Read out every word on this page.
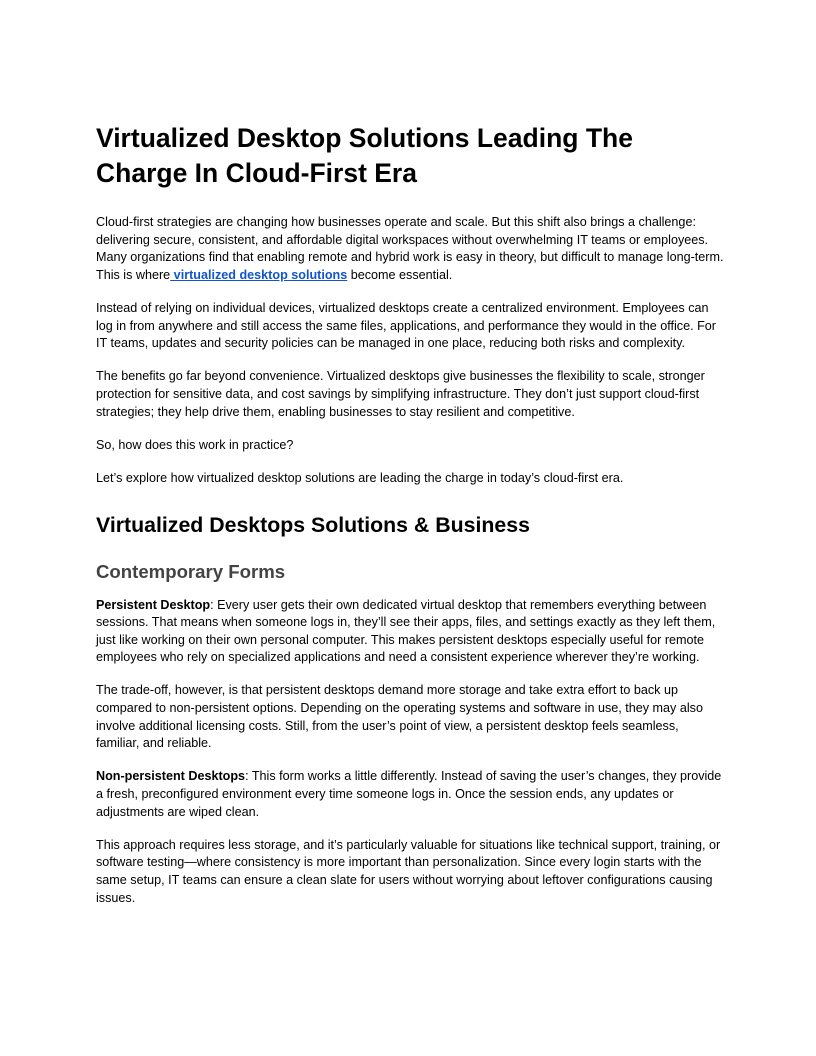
Virtualized Desktop Solutions Leading The Charge In Cloud-First Era

Cloud-first strategies are changing how businesses operate and scale. But this shift also brings a challenge: delivering secure, consistent, and affordable digital workspaces without overwhelming IT teams or employees. Many organizations find that enabling remote and hybrid work is easy in theory, but difficult to manage long-term. This is where virtualized desktop solutions become essential.

Instead of relying on individual devices, virtualized desktops create a centralized environment. Employees can log in from anywhere and still access the same files, applications, and performance they would in the office. For IT teams, updates and security policies can be managed in one place, reducing both risks and complexity.

The benefits go far beyond convenience. Virtualized desktops give businesses the flexibility to scale, stronger protection for sensitive data, and cost savings by simplifying infrastructure. They don’t just support cloud-first strategies; they help drive them, enabling businesses to stay resilient and competitive.

So, how does this work in practice?

Let’s explore how virtualized desktop solutions are leading the charge in today’s cloud-first era.

Virtualized Desktops Solutions & Business
Contemporary Forms

Persistent Desktop: Every user gets their own dedicated virtual desktop that remembers everything between sessions. That means when someone logs in, they’ll see their apps, files, and settings exactly as they left them, just like working on their own personal computer. This makes persistent desktops especially useful for remote employees who rely on specialized applications and need a consistent experience wherever they’re working.

The trade-off, however, is that persistent desktops demand more storage and take extra effort to back up compared to non-persistent options. Depending on the operating systems and software in use, they may also involve additional licensing costs. Still, from the user’s point of view, a persistent desktop feels seamless, familiar, and reliable.

Non-persistent Desktops: This form works a little differently. Instead of saving the user’s changes, they provide a fresh, preconfigured environment every time someone logs in. Once the session ends, any updates or adjustments are wiped clean.

This approach requires less storage, and it’s particularly valuable for situations like technical support, training, or software testing—where consistency is more important than personalization. Since every login starts with the same setup, IT teams can ensure a clean slate for users without worrying about leftover configurations causing issues.
